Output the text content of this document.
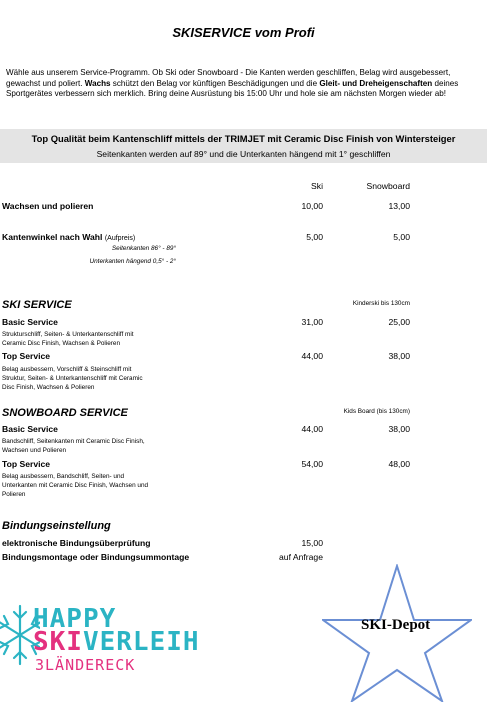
SKISERVICE vom Profi
Wähle aus unserem Service-Programm. Ob Ski oder Snowboard - Die Kanten werden geschliffen, Belag wird ausgebessert, gewachst und poliert. Wachs schützt den Belag vor künftigen Beschädigungen und die Gleit- und Dreheigenschaften deines Sportgerätes verbessern sich merklich. Bring deine Ausrüstung bis 15:00 Uhr und hole sie am nächsten Morgen wieder ab!
Top Qualität beim Kantenschliff mittels der TRIMJET mit Ceramic Disc Finish von Wintersteiger
Seitenkanten werden auf 89° und die Unterkanten hängend mit 1° geschliffen
Ski	Snowboard
Wachsen und polieren	10,00	13,00
Kantenwinkel nach Wahl (Aufpreis)	5,00	5,00
Seitenkanten 86° - 89°
Unterkanten hängend 0,5° - 2°
SKI SERVICE	Kinderski bis 130cm
Basic Service	31,00	25,00
Strukturschliff, Seiten- & Unterkantenschliff mit
Ceramic Disc Finish, Wachsen & Polieren
Top Service	44,00	38,00
Belag ausbessern, Vorschliff & Steinschliff mit
Struktur, Seiten- & Unterkantenschliff mit Ceramic
Disc Finish, Wachsen & Polieren
SNOWBOARD SERVICE	Kids Board (bis 130cm)
Basic Service	44,00	38,00
Bandschliff, Seitenkanten mit Ceramic Disc Finish,
Wachsen und Polieren
Top Service	54,00	48,00
Belag ausbessern, Bandschliff, Seiten- und
Unterkanten mit Ceramic Disc Finish, Wachsen und
Polieren
Bindungseinstellung
elektronische Bindungsüberprüfung	15,00
Bindungsmontage oder Bindungsummontage	auf Anfrage
HAPPY
SKIVERLEIH
3LÄNDERECK
SKI-Depot
